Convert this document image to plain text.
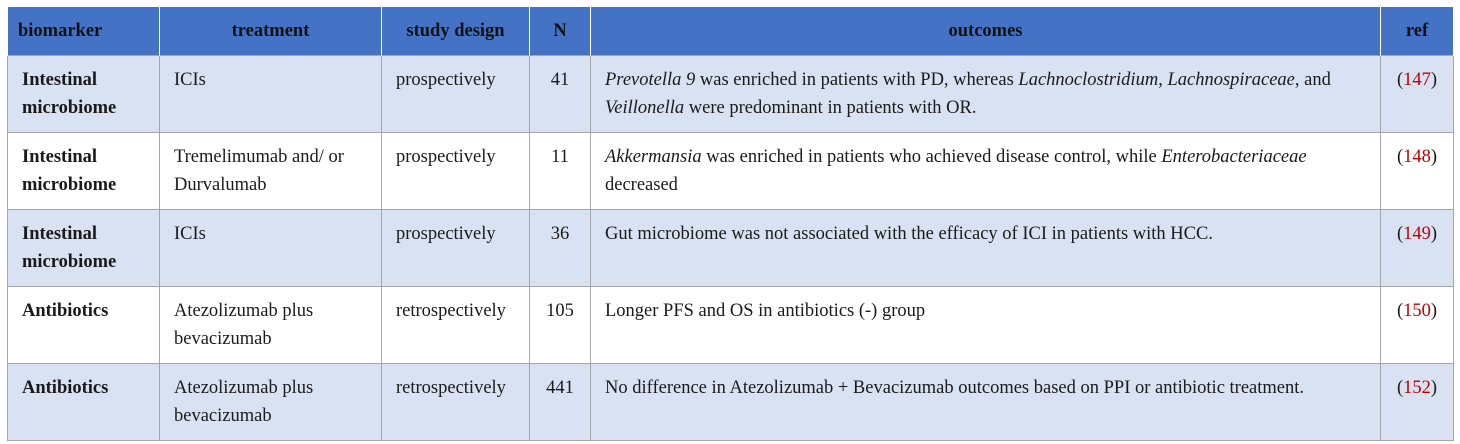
biomarker	treatment	study design	N	outcomes	ref
Intestinal microbiome	ICIs	prospectively	41	Prevotella 9 was enriched in patients with PD, whereas Lachnoclostridium, Lachnospiraceae, and Veillonella were predominant in patients with OR.	(147)
Intestinal microbiome	Tremelimumab and/ or Durvalumab	prospectively	11	Akkermansia was enriched in patients who achieved disease control, while Enterobacteriaceae decreased	(148)
Intestinal microbiome	ICIs	prospectively	36	Gut microbiome was not associated with the efficacy of ICI in patients with HCC.	(149)
Antibiotics	Atezolizumab plus bevacizumab	retrospectively	105	Longer PFS and OS in antibiotics (-) group	(150)
Antibiotics	Atezolizumab plus bevacizumab	retrospectively	441	No difference in Atezolizumab + Bevacizumab outcomes based on PPI or antibiotic treatment.	(152)
